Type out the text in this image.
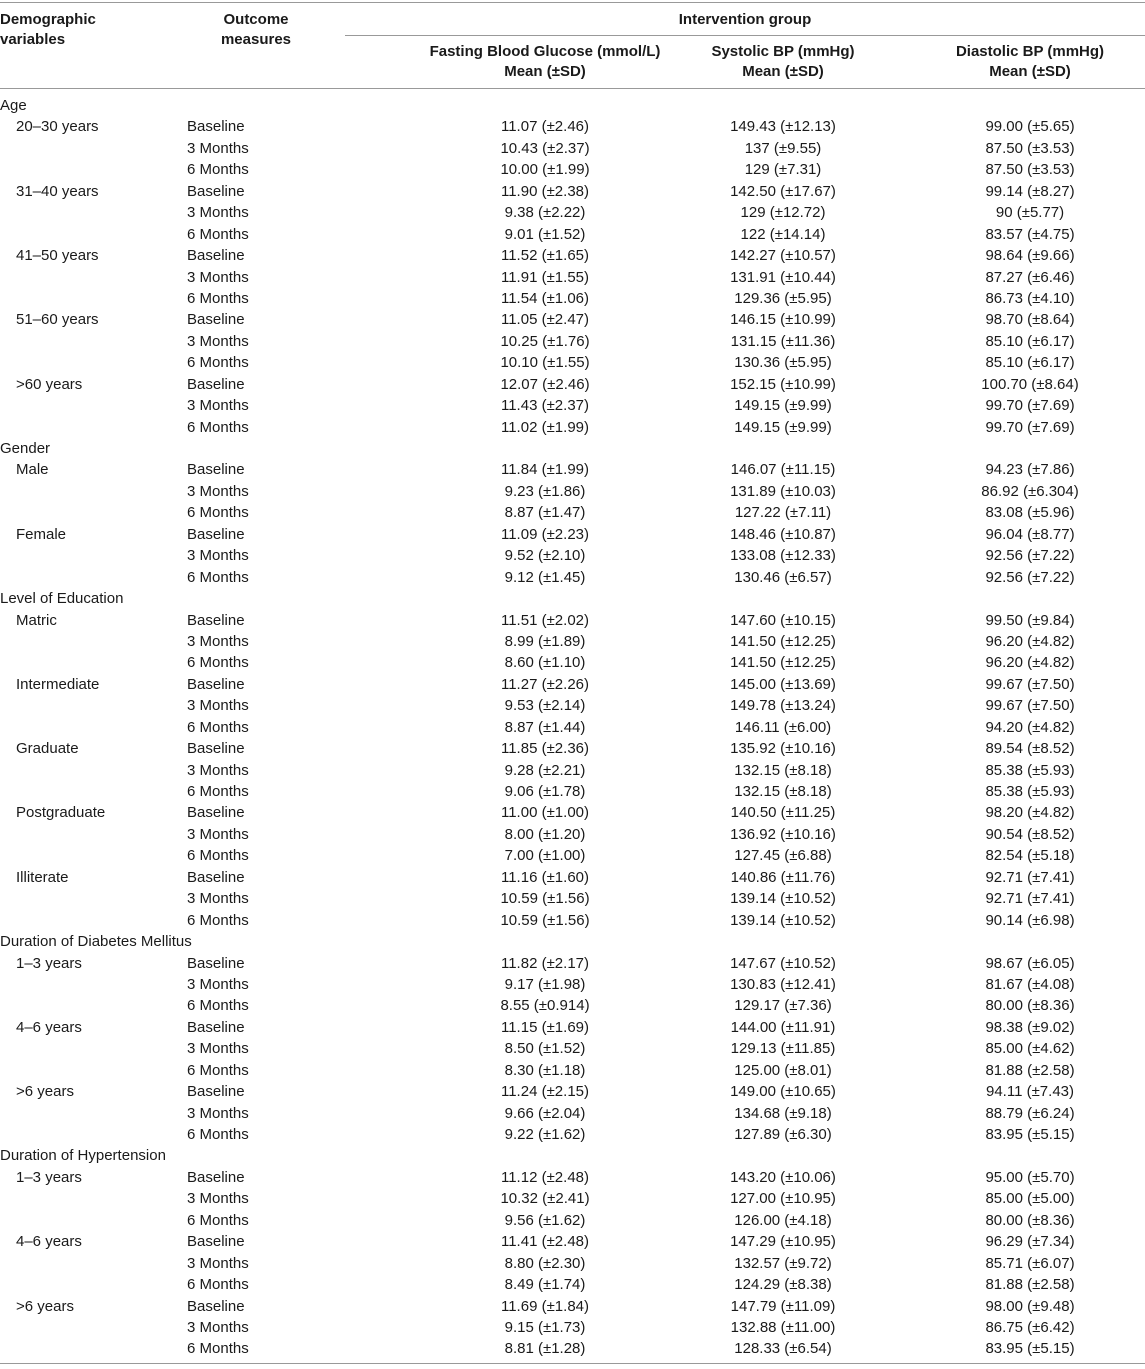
Demographic
variables
Outcome
measures
Intervention group
Fasting Blood Glucose (mmol/L)
Mean (±SD)
Systolic BP (mmHg)
Mean (±SD)
Diastolic BP (mmHg)
Mean (±SD)
Age
20–30 years	Baseline	11.07 (±2.46)	149.43 (±12.13)	99.00 (±5.65)
3 Months	10.43 (±2.37)	137 (±9.55)	87.50 (±3.53)
6 Months	10.00 (±1.99)	129 (±7.31)	87.50 (±3.53)
31–40 years	Baseline	11.90 (±2.38)	142.50 (±17.67)	99.14 (±8.27)
3 Months	9.38 (±2.22)	129 (±12.72)	90 (±5.77)
6 Months	9.01 (±1.52)	122 (±14.14)	83.57 (±4.75)
41–50 years	Baseline	11.52 (±1.65)	142.27 (±10.57)	98.64 (±9.66)
3 Months	11.91 (±1.55)	131.91 (±10.44)	87.27 (±6.46)
6 Months	11.54 (±1.06)	129.36 (±5.95)	86.73 (±4.10)
51–60 years	Baseline	11.05 (±2.47)	146.15 (±10.99)	98.70 (±8.64)
3 Months	10.25 (±1.76)	131.15 (±11.36)	85.10 (±6.17)
6 Months	10.10 (±1.55)	130.36 (±5.95)	85.10 (±6.17)
>60 years	Baseline	12.07 (±2.46)	152.15 (±10.99)	100.70 (±8.64)
3 Months	11.43 (±2.37)	149.15 (±9.99)	99.70 (±7.69)
6 Months	11.02 (±1.99)	149.15 (±9.99)	99.70 (±7.69)
Gender
Male	Baseline	11.84 (±1.99)	146.07 (±11.15)	94.23 (±7.86)
3 Months	9.23 (±1.86)	131.89 (±10.03)	86.92 (±6.304)
6 Months	8.87 (±1.47)	127.22 (±7.11)	83.08 (±5.96)
Female	Baseline	11.09 (±2.23)	148.46 (±10.87)	96.04 (±8.77)
3 Months	9.52 (±2.10)	133.08 (±12.33)	92.56 (±7.22)
6 Months	9.12 (±1.45)	130.46 (±6.57)	92.56 (±7.22)
Level of Education
Matric	Baseline	11.51 (±2.02)	147.60 (±10.15)	99.50 (±9.84)
3 Months	8.99 (±1.89)	141.50 (±12.25)	96.20 (±4.82)
6 Months	8.60 (±1.10)	141.50 (±12.25)	96.20 (±4.82)
Intermediate	Baseline	11.27 (±2.26)	145.00 (±13.69)	99.67 (±7.50)
3 Months	9.53 (±2.14)	149.78 (±13.24)	99.67 (±7.50)
6 Months	8.87 (±1.44)	146.11 (±6.00)	94.20 (±4.82)
Graduate	Baseline	11.85 (±2.36)	135.92 (±10.16)	89.54 (±8.52)
3 Months	9.28 (±2.21)	132.15 (±8.18)	85.38 (±5.93)
6 Months	9.06 (±1.78)	132.15 (±8.18)	85.38 (±5.93)
Postgraduate	Baseline	11.00 (±1.00)	140.50 (±11.25)	98.20 (±4.82)
3 Months	8.00 (±1.20)	136.92 (±10.16)	90.54 (±8.52)
6 Months	7.00 (±1.00)	127.45 (±6.88)	82.54 (±5.18)
Illiterate	Baseline	11.16 (±1.60)	140.86 (±11.76)	92.71 (±7.41)
3 Months	10.59 (±1.56)	139.14 (±10.52)	92.71 (±7.41)
6 Months	10.59 (±1.56)	139.14 (±10.52)	90.14 (±6.98)
Duration of Diabetes Mellitus
1–3 years	Baseline	11.82 (±2.17)	147.67 (±10.52)	98.67 (±6.05)
3 Months	9.17 (±1.98)	130.83 (±12.41)	81.67 (±4.08)
6 Months	8.55 (±0.914)	129.17 (±7.36)	80.00 (±8.36)
4–6 years	Baseline	11.15 (±1.69)	144.00 (±11.91)	98.38 (±9.02)
3 Months	8.50 (±1.52)	129.13 (±11.85)	85.00 (±4.62)
6 Months	8.30 (±1.18)	125.00 (±8.01)	81.88 (±2.58)
>6 years	Baseline	11.24 (±2.15)	149.00 (±10.65)	94.11 (±7.43)
3 Months	9.66 (±2.04)	134.68 (±9.18)	88.79 (±6.24)
6 Months	9.22 (±1.62)	127.89 (±6.30)	83.95 (±5.15)
Duration of Hypertension
1–3 years	Baseline	11.12 (±2.48)	143.20 (±10.06)	95.00 (±5.70)
3 Months	10.32 (±2.41)	127.00 (±10.95)	85.00 (±5.00)
6 Months	9.56 (±1.62)	126.00 (±4.18)	80.00 (±8.36)
4–6 years	Baseline	11.41 (±2.48)	147.29 (±10.95)	96.29 (±7.34)
3 Months	8.80 (±2.30)	132.57 (±9.72)	85.71 (±6.07)
6 Months	8.49 (±1.74)	124.29 (±8.38)	81.88 (±2.58)
>6 years	Baseline	11.69 (±1.84)	147.79 (±11.09)	98.00 (±9.48)
3 Months	9.15 (±1.73)	132.88 (±11.00)	86.75 (±6.42)
6 Months	8.81 (±1.28)	128.33 (±6.54)	83.95 (±5.15)
